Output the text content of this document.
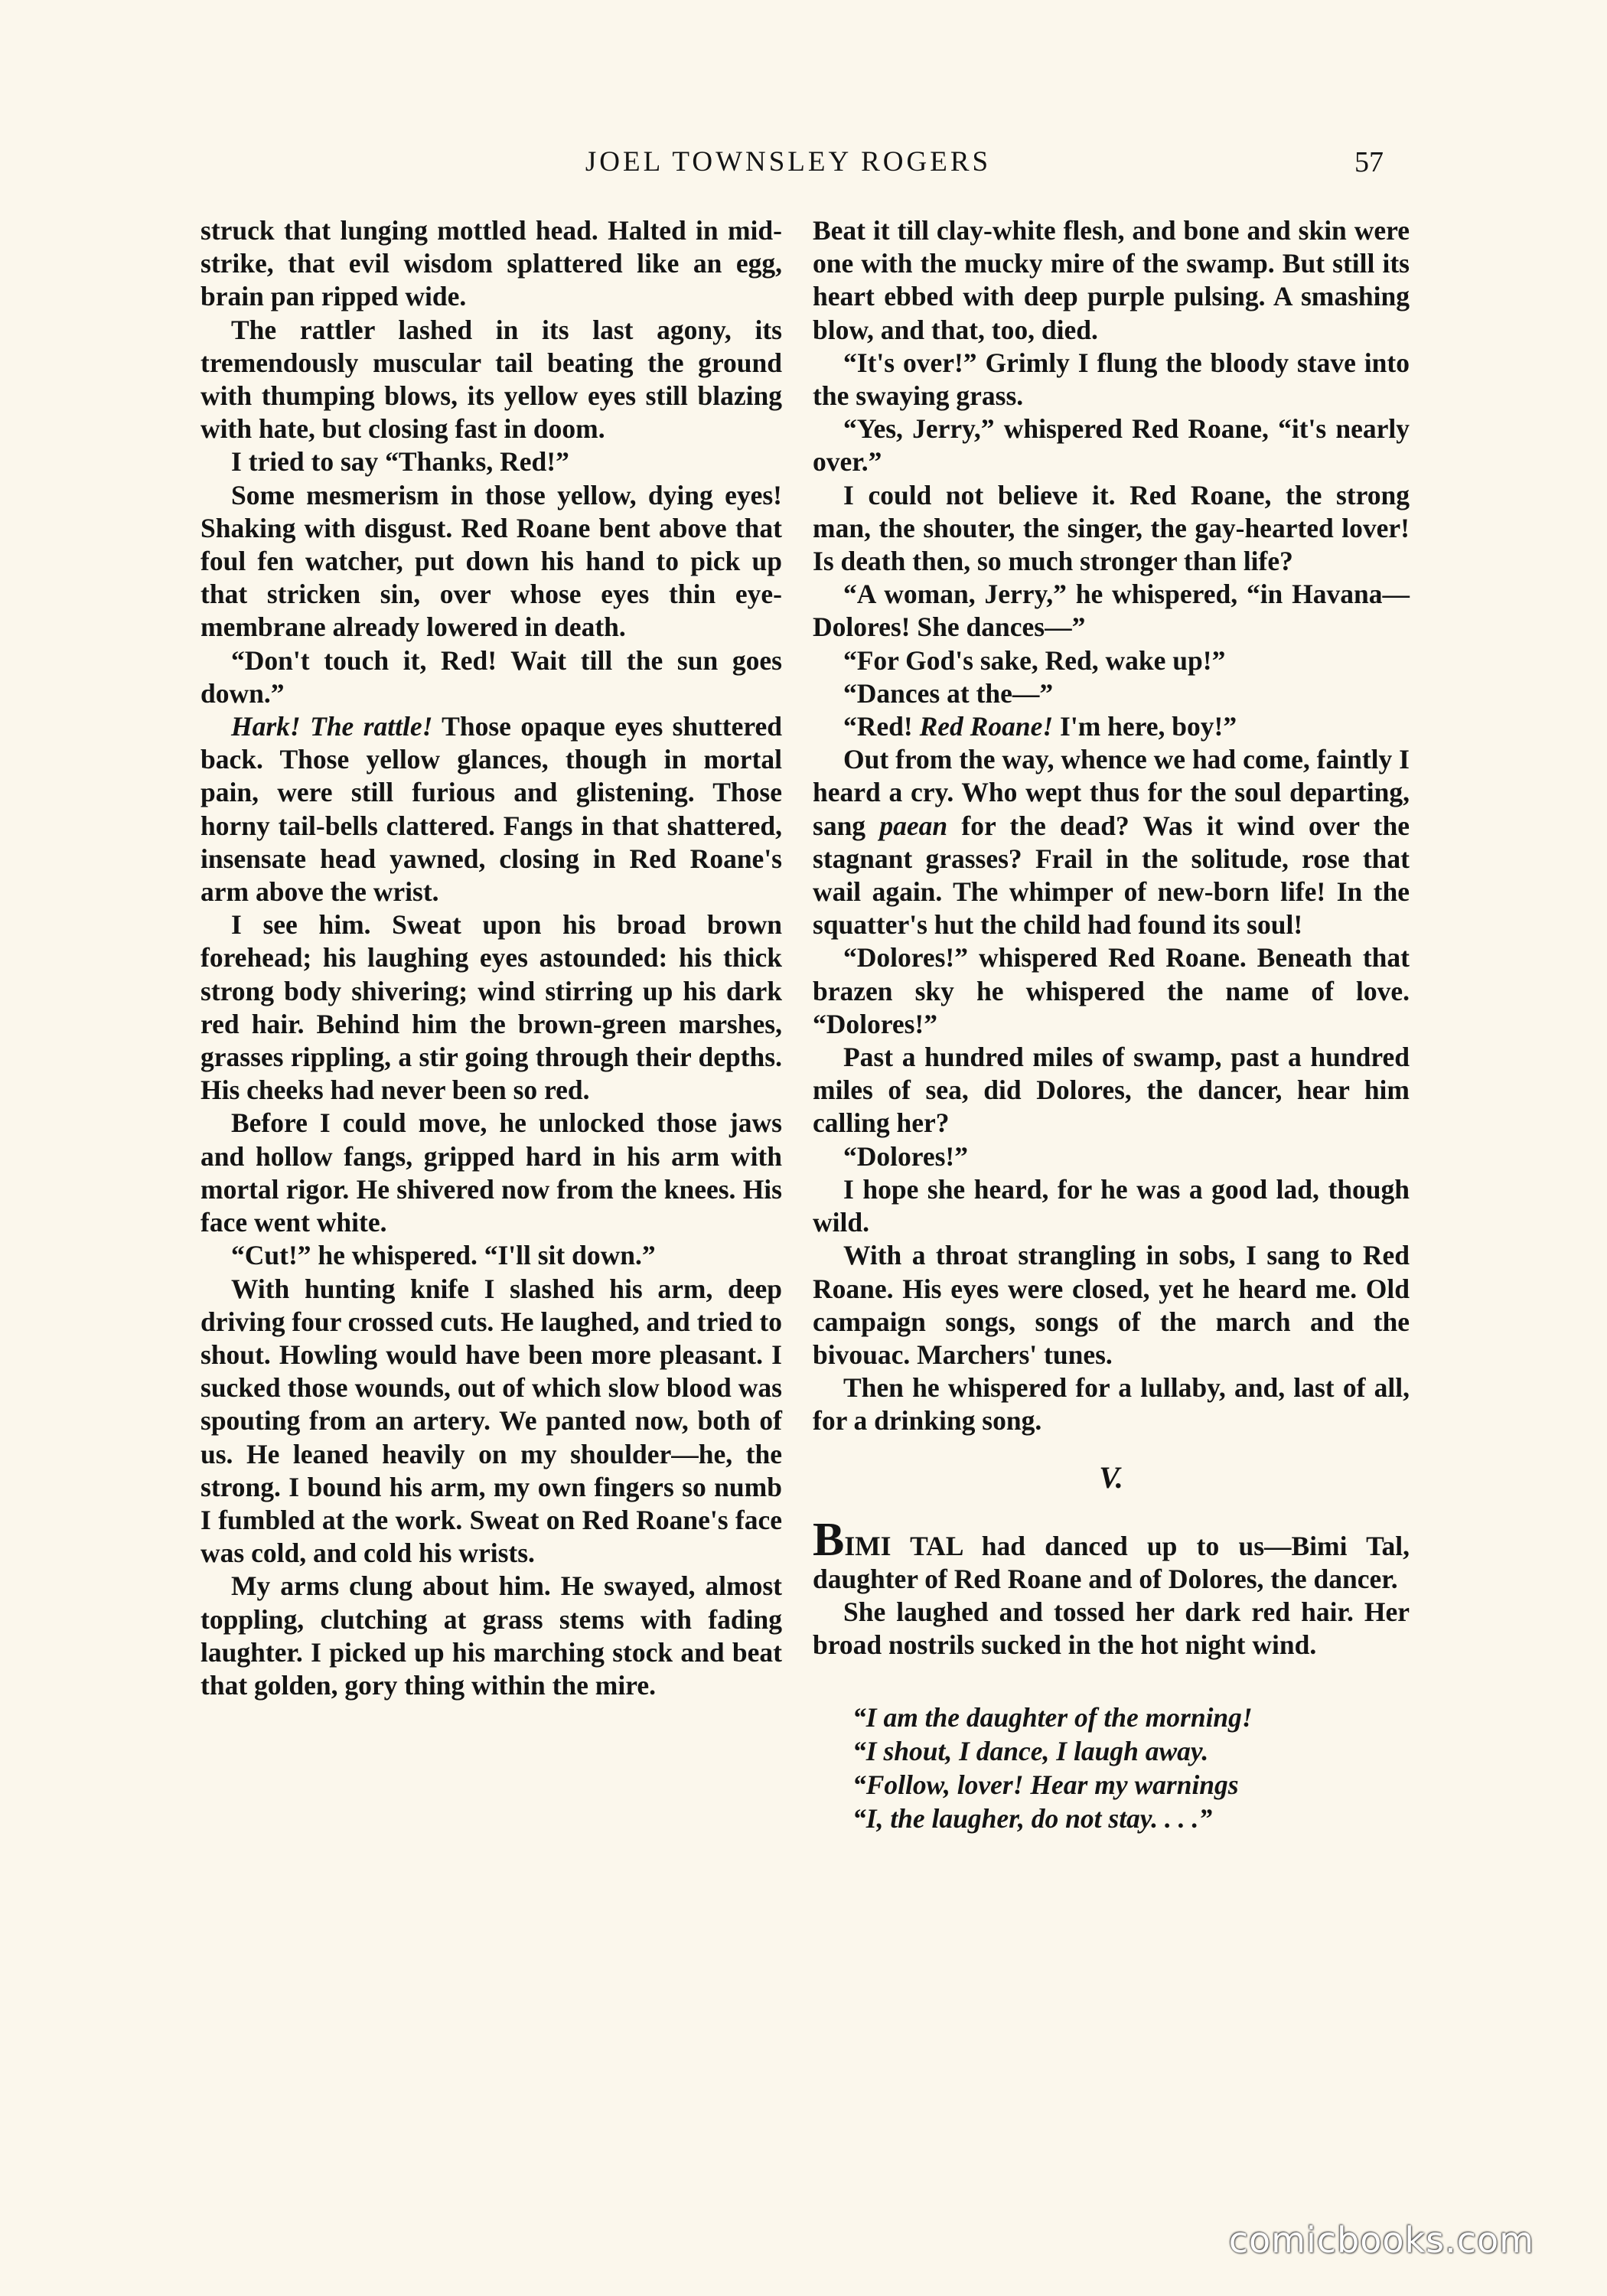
JOEL TOWNSLEY ROGERS	57

struck that lunging mottled head. Halted in mid-strike, that evil wisdom splattered like an egg, brain pan ripped wide.

The rattler lashed in its last agony, its tremendously muscular tail beating the ground with thumping blows, its yellow eyes still blazing with hate, but closing fast in doom.

I tried to say “Thanks, Red!”

Some mesmerism in those yellow, dying eyes! Shaking with disgust. Red Roane bent above that foul fen watcher, put down his hand to pick up that stricken sin, over whose eyes thin eye-membrane already lowered in death.

“Don't touch it, Red! Wait till the sun goes down.”

Hark! The rattle! Those opaque eyes shuttered back. Those yellow glances, though in mortal pain, were still furious and glistening. Those horny tail-bells clattered. Fangs in that shattered, insensate head yawned, closing in Red Roane's arm above the wrist.

I see him. Sweat upon his broad brown forehead; his laughing eyes astounded: his thick strong body shivering; wind stirring up his dark red hair. Behind him the brown-green marshes, grasses rippling, a stir going through their depths. His cheeks had never been so red.

Before I could move, he unlocked those jaws and hollow fangs, gripped hard in his arm with mortal rigor. He shivered now from the knees. His face went white.

“Cut!” he whispered. “I'll sit down.”

With hunting knife I slashed his arm, deep driving four crossed cuts. He laughed, and tried to shout. Howling would have been more pleasant. I sucked those wounds, out of which slow blood was spouting from an artery. We panted now, both of us. He leaned heavily on my shoulder—he, the strong. I bound his arm, my own fingers so numb I fumbled at the work. Sweat on Red Roane's face was cold, and cold his wrists.

My arms clung about him. He swayed, almost toppling, clutching at grass stems with fading laughter. I picked up his marching stock and beat that golden, gory thing within the mire.

Beat it till clay-white flesh, and bone and skin were one with the mucky mire of the swamp. But still its heart ebbed with deep purple pulsing. A smashing blow, and that, too, died.

“It's over!” Grimly I flung the bloody stave into the swaying grass.

“Yes, Jerry,” whispered Red Roane, “it's nearly over.”

I could not believe it. Red Roane, the strong man, the shouter, the singer, the gay-hearted lover! Is death then, so much stronger than life?

“A woman, Jerry,” he whispered, “in Havana—Dolores! She dances—”

“For God's sake, Red, wake up!”

“Dances at the—”

“Red! Red Roane! I'm here, boy!”

Out from the way, whence we had come, faintly I heard a cry. Who wept thus for the soul departing, sang paean for the dead? Was it wind over the stagnant grasses? Frail in the solitude, rose that wail again. The whimper of new-born life! In the squatter's hut the child had found its soul!

“Dolores!” whispered Red Roane. Beneath that brazen sky he whispered the name of love. “Dolores!”

Past a hundred miles of swamp, past a hundred miles of sea, did Dolores, the dancer, hear him calling her?

“Dolores!”

I hope she heard, for he was a good lad, though wild.

With a throat strangling in sobs, I sang to Red Roane. His eyes were closed, yet he heard me. Old campaign songs, songs of the march and the bivouac. Marchers' tunes.

Then he whispered for a lullaby, and, last of all, for a drinking song.

V.

BIMI TAL had danced up to us—Bimi Tal, daughter of Red Roane and of Dolores, the dancer.

She laughed and tossed her dark red hair. Her broad nostrils sucked in the hot night wind.

“I am the daughter of the morning!

“I shout, I dance, I laugh away.

“Follow, lover! Hear my warnings

“I, the laugher, do not stay. . . .”

comicbooks.com
